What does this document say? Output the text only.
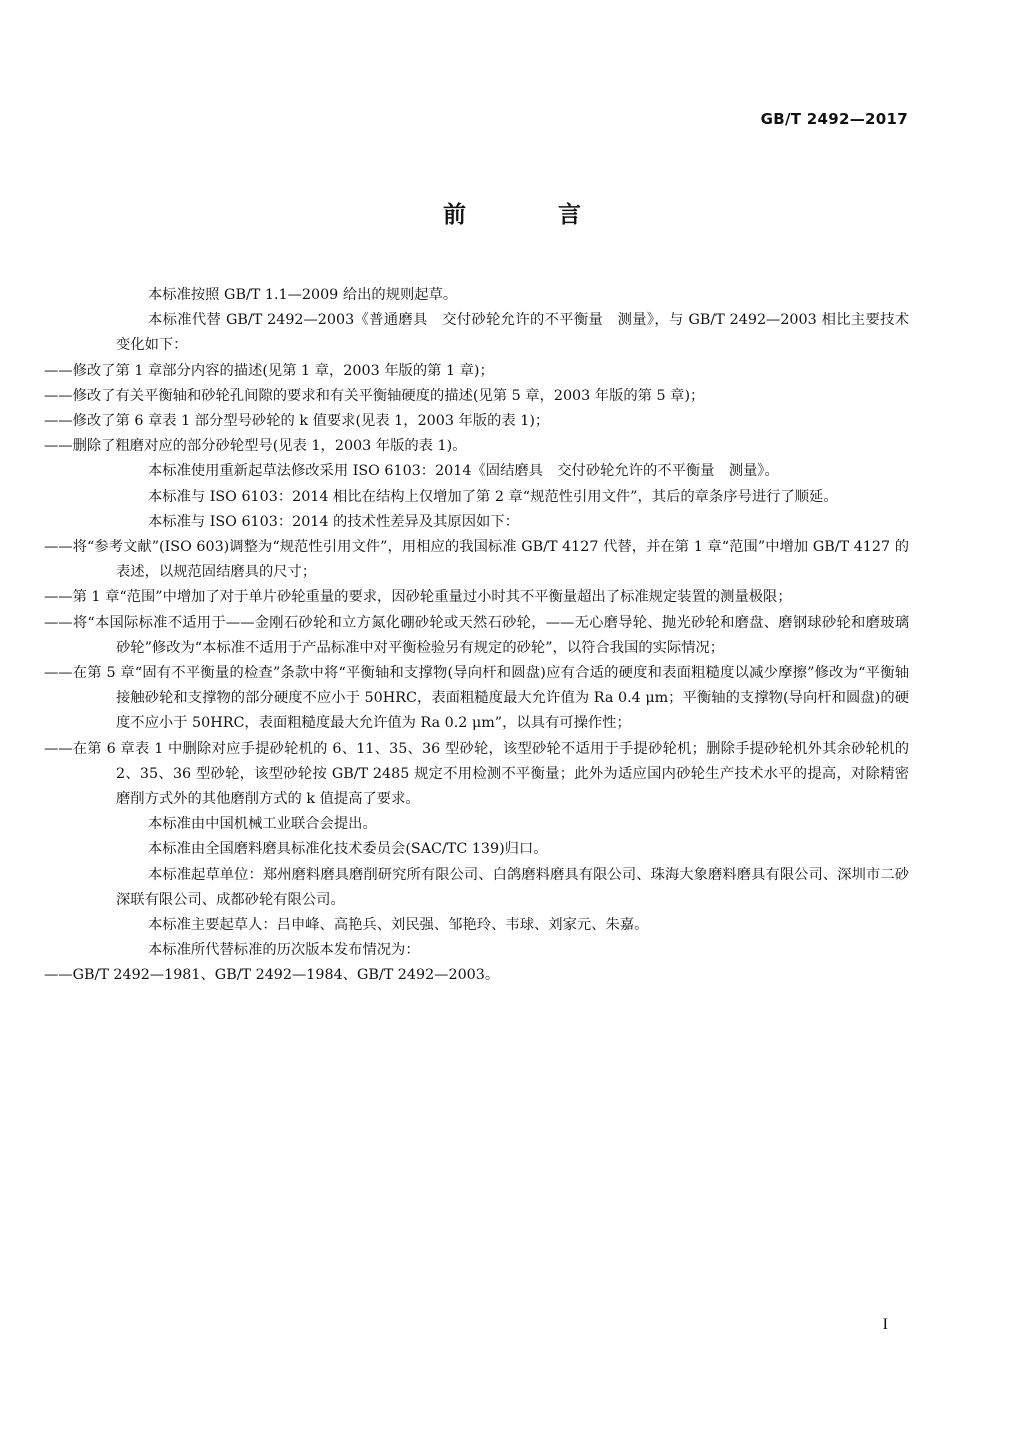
GB/T 2492—2017
前 言

本标准按照 GB/T 1.1—2009 给出的规则起草。

本标准代替 GB/T 2492—2003《普通磨具　交付砂轮允许的不平衡量　测量》，与 GB/T 2492—2003 相比主要技术变化如下：

——修改了第 1 章部分内容的描述(见第 1 章，2003 年版的第 1 章)；

——修改了有关平衡轴和砂轮孔间隙的要求和有关平衡轴硬度的描述(见第 5 章，2003 年版的第 5 章)；

——修改了第 6 章表 1 部分型号砂轮的 k 值要求(见表 1，2003 年版的表 1)；

——删除了粗磨对应的部分砂轮型号(见表 1，2003 年版的表 1)。

本标准使用重新起草法修改采用 ISO 6103：2014《固结磨具　交付砂轮允许的不平衡量　测量》。

本标准与 ISO 6103：2014 相比在结构上仅增加了第 2 章“规范性引用文件”，其后的章条序号进行了顺延。

本标准与 ISO 6103：2014 的技术性差异及其原因如下：

——将“参考文献”(ISO 603)调整为“规范性引用文件”，用相应的我国标准 GB/T 4127 代替，并在第 1 章“范围”中增加 GB/T 4127 的表述，以规范固结磨具的尺寸；

——第 1 章“范围”中增加了对于单片砂轮重量的要求，因砂轮重量过小时其不平衡量超出了标准规定装置的测量极限；

——将“本国际标准不适用于——金刚石砂轮和立方氮化硼砂轮或天然石砂轮，——无心磨导轮、抛光砂轮和磨盘、磨钢球砂轮和磨玻璃砂轮”修改为“本标准不适用于产品标准中对平衡检验另有规定的砂轮”，以符合我国的实际情况；

——在第 5 章“固有不平衡量的检查”条款中将“平衡轴和支撑物(导向杆和圆盘)应有合适的硬度和表面粗糙度以减少摩擦”修改为“平衡轴接触砂轮和支撑物的部分硬度不应小于 50HRC，表面粗糙度最大允许值为 Ra 0.4 μm；平衡轴的支撑物(导向杆和圆盘)的硬度不应小于 50HRC，表面粗糙度最大允许值为 Ra 0.2 μm”，以具有可操作性；

——在第 6 章表 1 中删除对应手提砂轮机的 6、11、35、36 型砂轮，该型砂轮不适用于手提砂轮机；删除手提砂轮机外其余砂轮机的 2、35、36 型砂轮，该型砂轮按 GB/T 2485 规定不用检测不平衡量；此外为适应国内砂轮生产技术水平的提高，对除精密磨削方式外的其他磨削方式的 k 值提高了要求。

本标准由中国机械工业联合会提出。

本标准由全国磨料磨具标准化技术委员会(SAC/TC 139)归口。

本标准起草单位：郑州磨料磨具磨削研究所有限公司、白鸽磨料磨具有限公司、珠海大象磨料磨具有限公司、深圳市二砂深联有限公司、成都砂轮有限公司。

本标准主要起草人：吕申峰、高艳兵、刘民强、邹艳玲、韦球、刘家元、朱嘉。

本标准所代替标准的历次版本发布情况为：

——GB/T 2492—1981、GB/T 2492—1984、GB/T 2492—2003。

I
